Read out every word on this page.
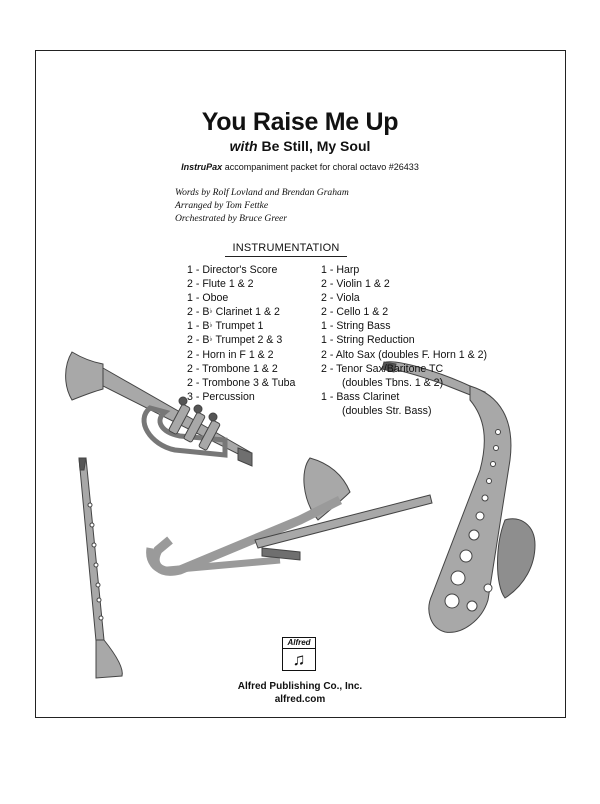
You Raise Me Up
with Be Still, My Soul
InstruPax accompaniment packet for choral octavo #26433
Words by Rolf Lovland and Brendan Graham
Arranged by Tom Fettke
Orchestrated by Bruce Greer
INSTRUMENTATION
1 - Director's Score
2 - Flute 1 & 2
1 - Oboe
2 - B♭ Clarinet 1 & 2
1 - B♭ Trumpet 1
2 - B♭ Trumpet 2 & 3
2 - Horn in F 1 & 2
2 - Trombone 1 & 2
2 - Trombone 3 & Tuba
3 - Percussion
1 - Harp
2 - Violin 1 & 2
2 - Viola
2 - Cello 1 & 2
1 - String Bass
1 - String Reduction
2 - Alto Sax (doubles F. Horn 1 & 2)
2 - Tenor Sax/Baritone TC
(doubles Tbns. 1 & 2)
1 - Bass Clarinet
(doubles Str. Bass)
Alfred
♫
Alfred Publishing Co., Inc.
alfred.com
